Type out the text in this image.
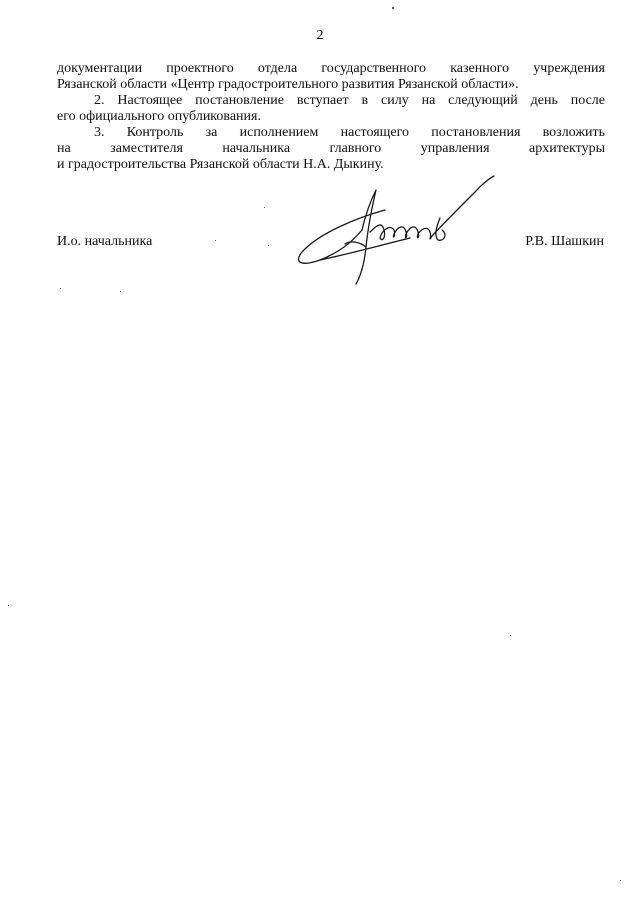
2

документации проектного отдела государственного казенного учреждения

Рязанской области «Центр градостроительного развития Рязанской области».

2. Настоящее постановление вступает в силу на следующий день после

его официального опубликования.

3. Контроль за исполнением настоящего постановления возложить

на заместителя начальника главного управления архитектуры

и градостроительства Рязанской области Н.А. Дыкину.

И.о. начальника	Р.В. Шашкин
